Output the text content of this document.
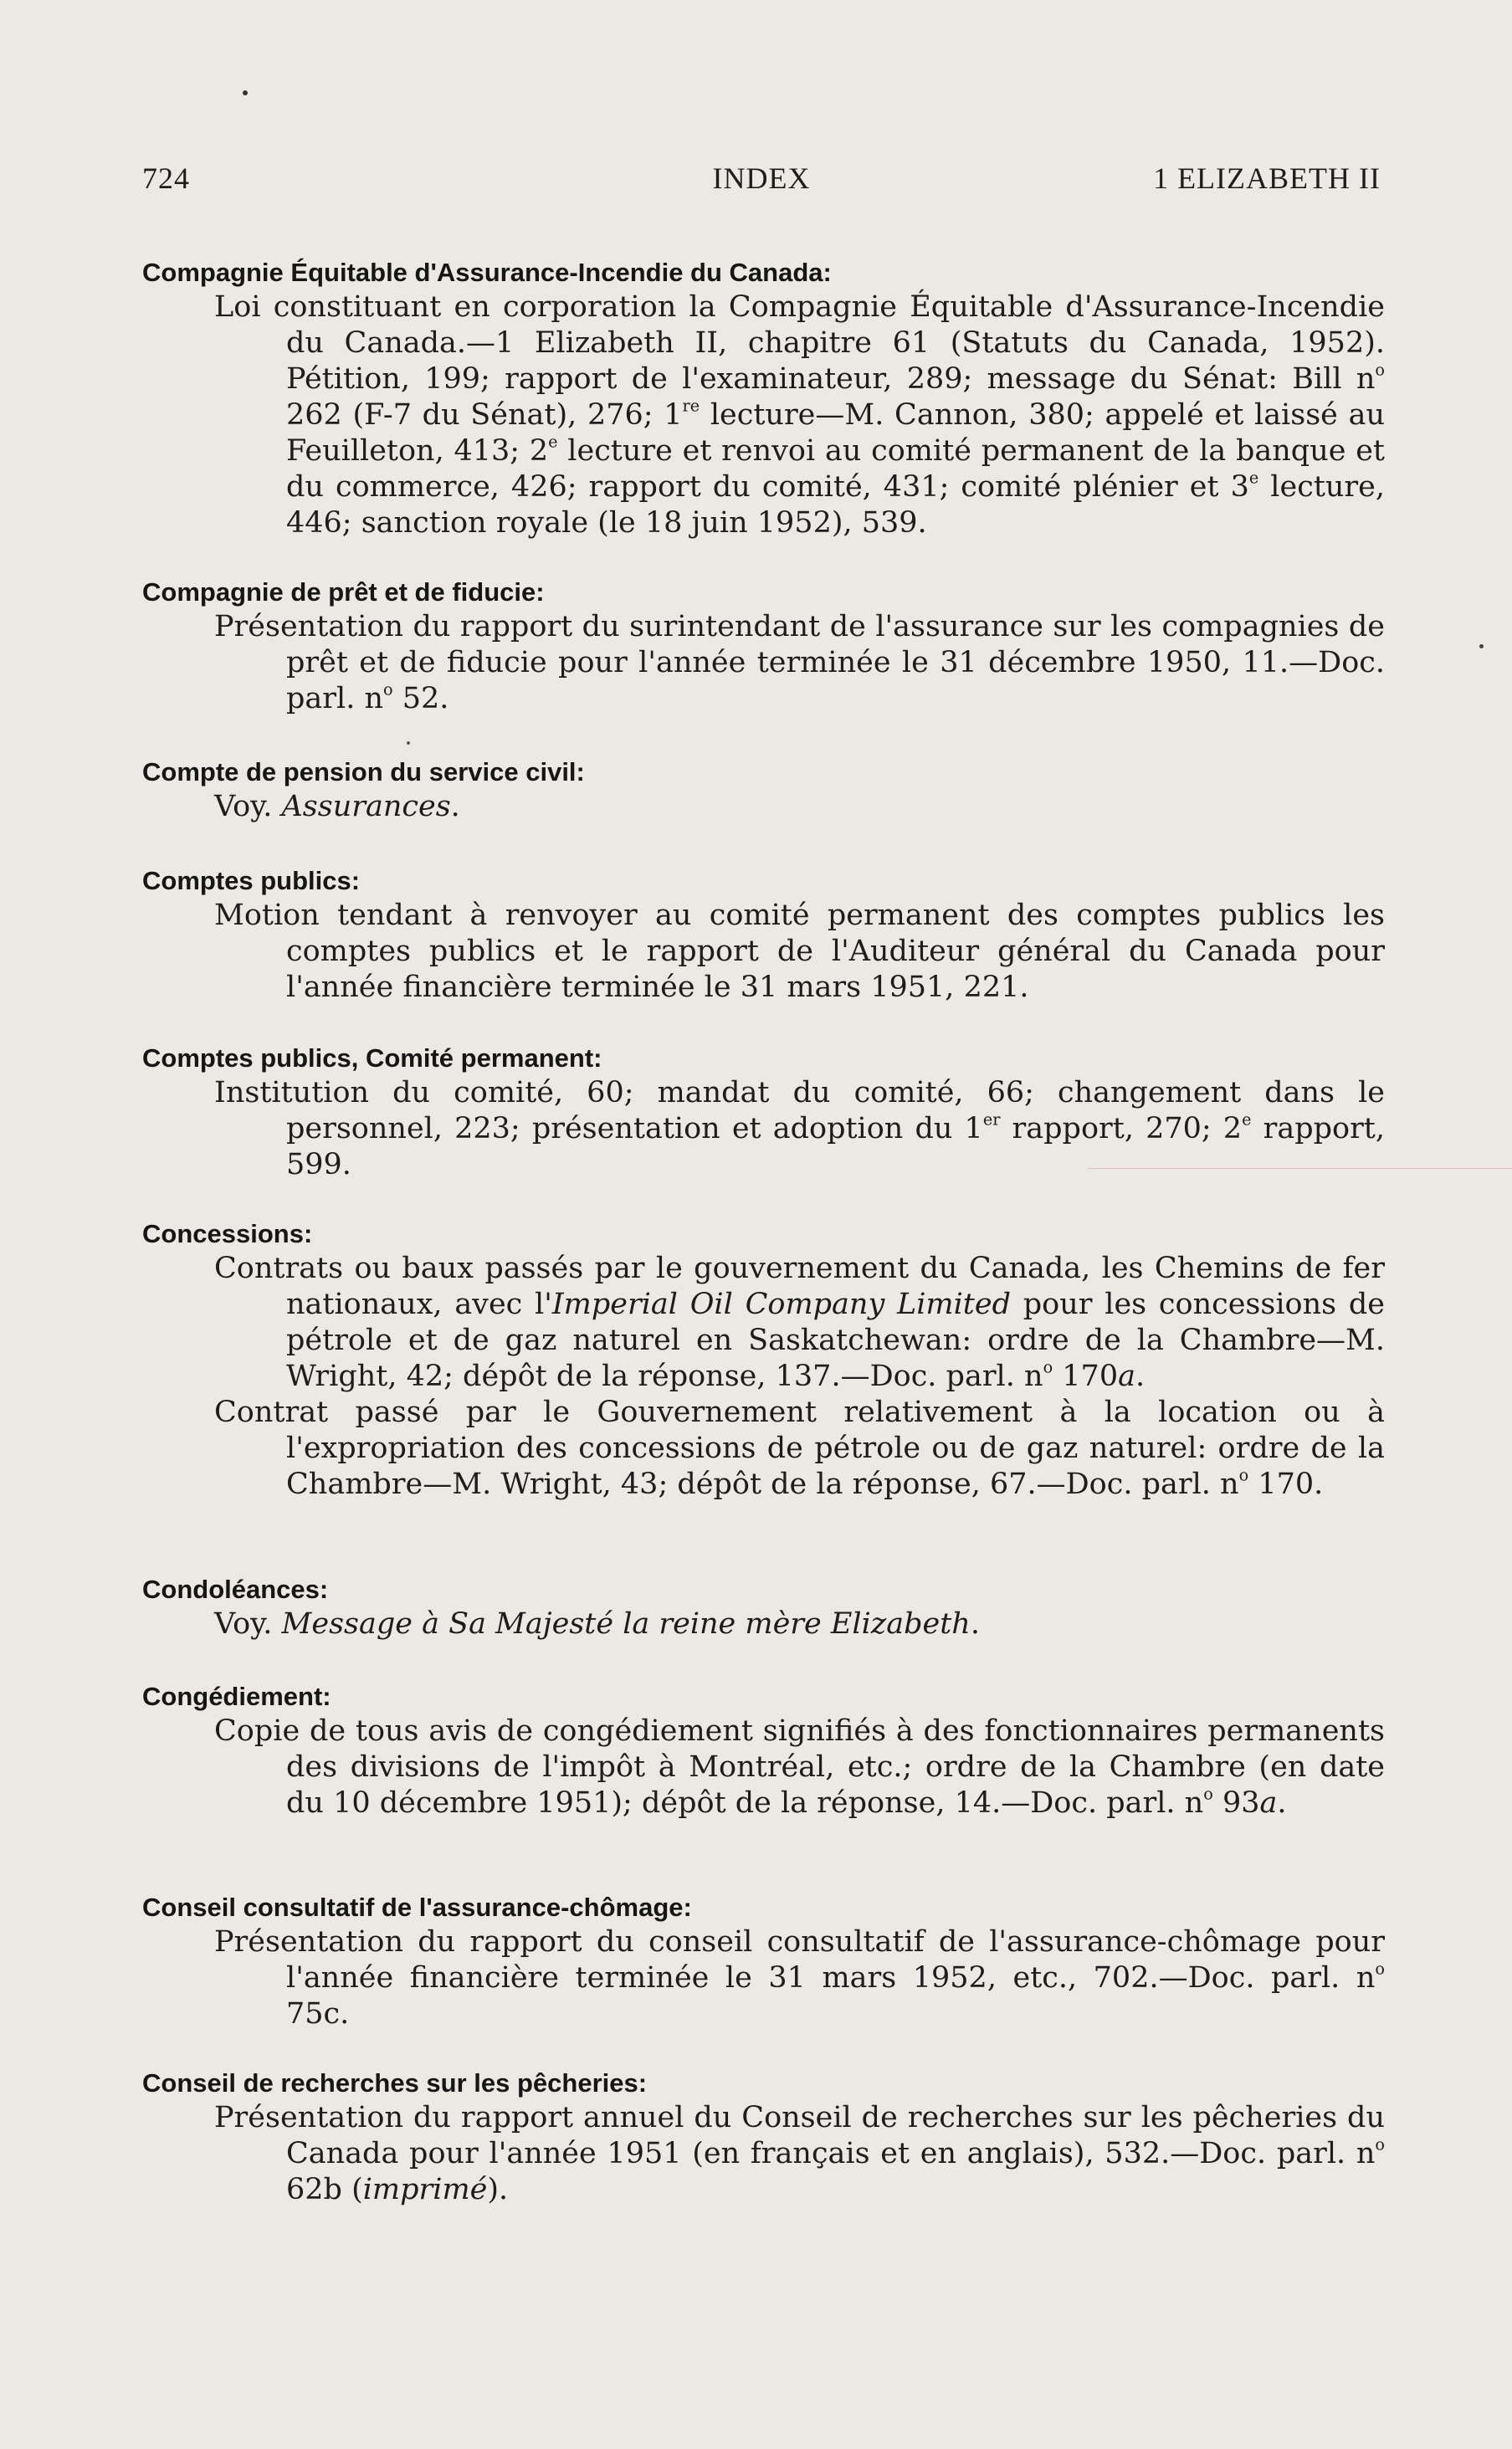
INDEX
724	1 ELIZABETH II
Compagnie Équitable d'Assurance-Incendie du Canada:
Loi constituant en corporation la Compagnie Équitable d'Assurance-Incendie du Canada.—1 Elizabeth II, chapitre 61 (Statuts du Canada, 1952). Pétition, 199; rapport de l'examinateur, 289; message du Sénat: Bill $n^o$ 262 (F-7 du Sénat), 276; 1re lecture—M. Cannon, 380; appelé et laissé au Feuilleton, 413; 2e lecture et renvoi au comité permanent de la banque et du commerce, 426; rapport du comité, 431; comité plénier et 3e lecture, 446; sanction royale (le 18 juin 1952), 539.
Compagnie de prêt et de fiducie:
Présentation du rapport du surintendant de l'assurance sur les compagnies de prêt et de fiducie pour l'année terminée le 31 décembre 1950, 11.—Doc. parl. $n^o$ 52.
Compte de pension du service civil:
Voy. Assurances.
Comptes publics:
Motion tendant à renvoyer au comité permanent des comptes publics les comptes publics et le rapport de l'Auditeur général du Canada pour l'année financière terminée le 31 mars 1951, 221.
Comptes publics, Comité permanent:
Institution du comité, 60; mandat du comité, 66; changement dans le personnel, 223; présentation et adoption du 1er rapport, 270; 2e rapport, 599.
Concessions:
Contrats ou baux passés par le gouvernement du Canada, les Chemins de fer nationaux, avec l'Imperial Oil Company Limited pour les concessions de pétrole et de gaz naturel en Saskatchewan: ordre de la Chambre—M. Wright, 42; dépôt de la réponse, 137.—Doc. parl. $n^o$ 170a.
Contrat passé par le Gouvernement relativement à la location ou à l'expropriation des concessions de pétrole ou de gaz naturel: ordre de la Chambre—M. Wright, 43; dépôt de la réponse, 67.—Doc. parl. $n^o$ 170.
Condoléances:
Voy. Message à Sa Majesté la reine mère Elizabeth.
Congédiement:
Copie de tous avis de congédiement signifiés à des fonctionnaires permanents des divisions de l'impôt à Montréal, etc.; ordre de la Chambre (en date du 10 décembre 1951); dépôt de la réponse, 14.—Doc. parl. $n^o$ 93a.
Conseil consultatif de l'assurance-chômage:
Présentation du rapport du conseil consultatif de l'assurance-chômage pour l'année financière terminée le 31 mars 1952, etc., 702.—Doc. parl. $n^o$ 75c.
Conseil de recherches sur les pêcheries:
Présentation du rapport annuel du Conseil de recherches sur les pêcheries du Canada pour l'année 1951 (en français et en anglais), 532.—Doc. parl. $n^o$ 62b (imprimé).
